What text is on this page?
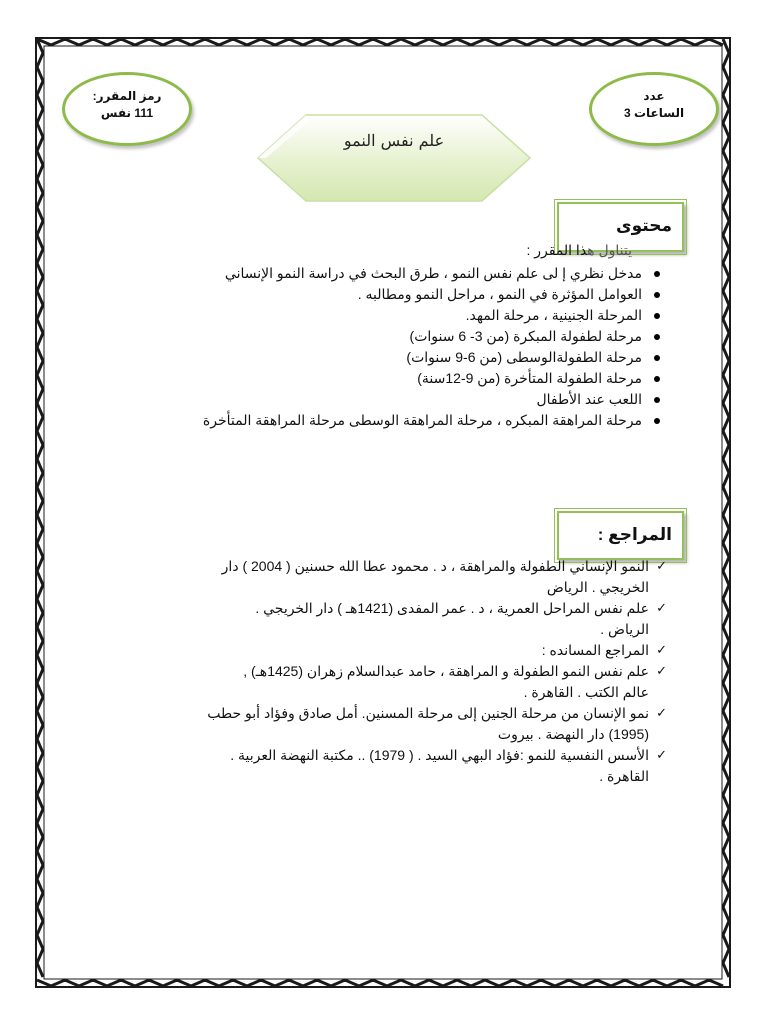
رمز المقرر:
111 نفس
عدد
الساعات 3
علم نفس النمو
محتوى
يتناول هذا المقرر :
مدخل نظري إ لى علم نفس النمو ، طرق البحث في دراسة النمو الإنساني
العوامل المؤثرة في النمو ، مراحل النمو ومطالبه .
المرحلة الجنينية ، مرحلة المهد.
مرحلة لطفولة المبكرة (من 3- 6 سنوات)
مرحلة الطفولةالوسطى (من 6-9 سنوات)
مرحلة الطفولة المتأخرة (من 9-12سنة)
اللعب عند الأطفال
مرحلة المراهقة المبكره ، مرحلة المراهقة الوسطى مرحلة المراهقة المتأخرة
المراجع :
✓
النمو الإنساني الطفولة والمراهقة ، د . محمود عطا الله حسنين ( 2004 ) دار
الخريجي . الرياض
✓
علم نفس المراحل العمرية ، د . عمر المفدى (1421هـ ) دار الخريجي .
الرياض .
✓
المراجع المسانده :
✓
علم نفس النمو الطفولة و المراهقة ، حامد عبدالسلام زهران (1425هـ) ,
عالم الكتب . القاهرة .
✓
نمو الإنسان من مرحلة الجنين إلى مرحلة المسنين. أمل صادق وفؤاد أبو حطب
(1995) دار النهضة . بيروت
✓
الأسس النفسية للنمو :فؤاد البهي السيد . ( 1979) .. مكتبة النهضة العربية .
القاهرة .
